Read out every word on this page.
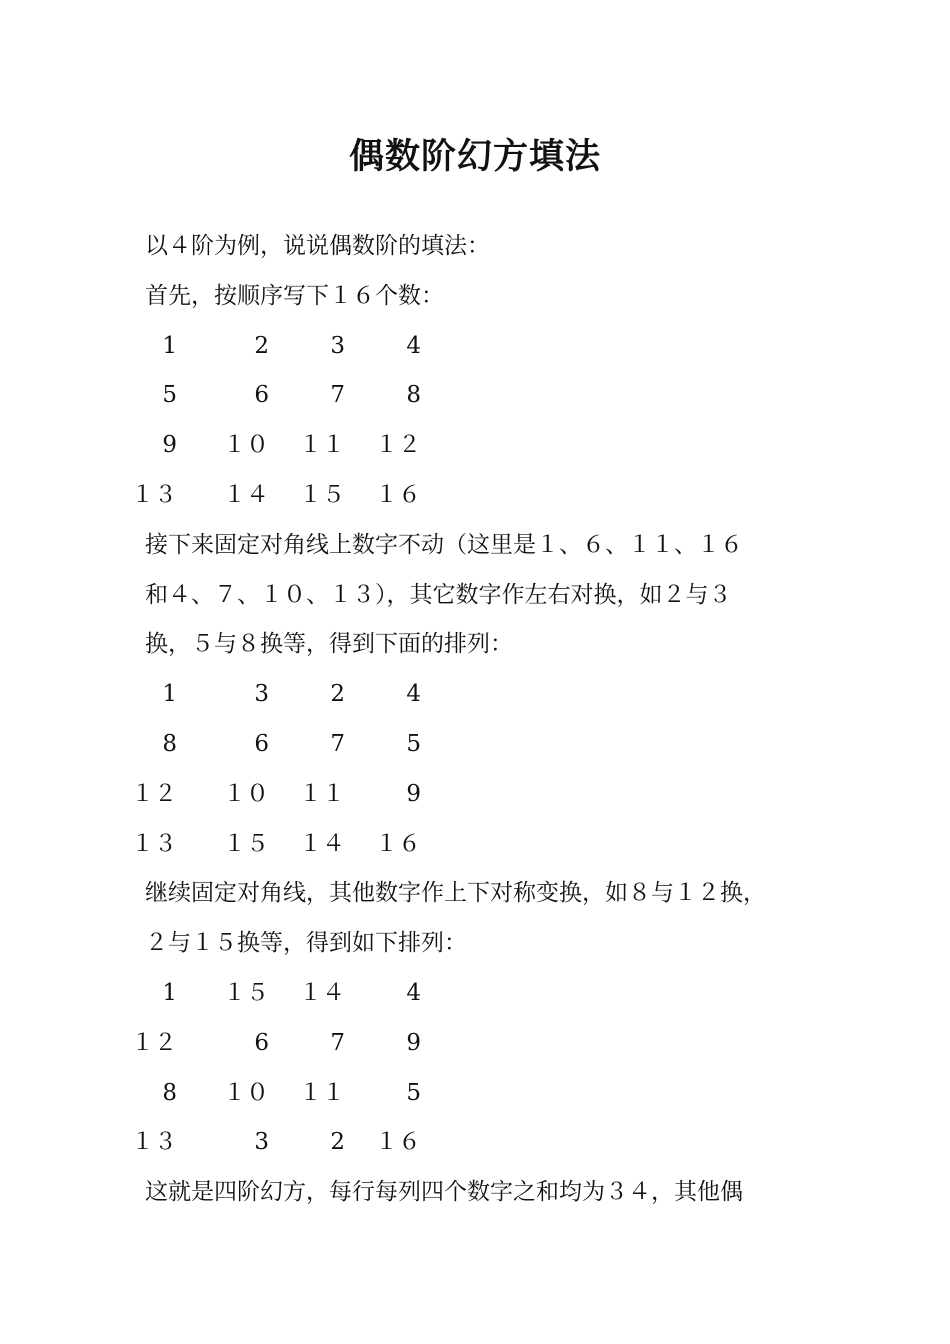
偶数阶幻方填法
以４阶为例，说说偶数阶的填法：
首先，按顺序写下１６个数：
1	2	3	4
5	6	7	8
9	１０	１１	１２
１３	１４	１５	１６
接下来固定对角线上数字不动（这里是１、６、１１、１６
和４、７、１０、１３），其它数字作左右对换，如２与３
换，５与８换等，得到下面的排列：
1	3	2	4
8	6	7	5
１２	１０	１１	9
１３	１５	１４	１６
继续固定对角线，其他数字作上下对称变换，如８与１２换，
２与１５换等，得到如下排列：
1	１５	１４	4
１２	6	7	9
8	１０	１１	5
１３	3	2	１６
这就是四阶幻方，每行每列四个数字之和均为３４，其他偶
